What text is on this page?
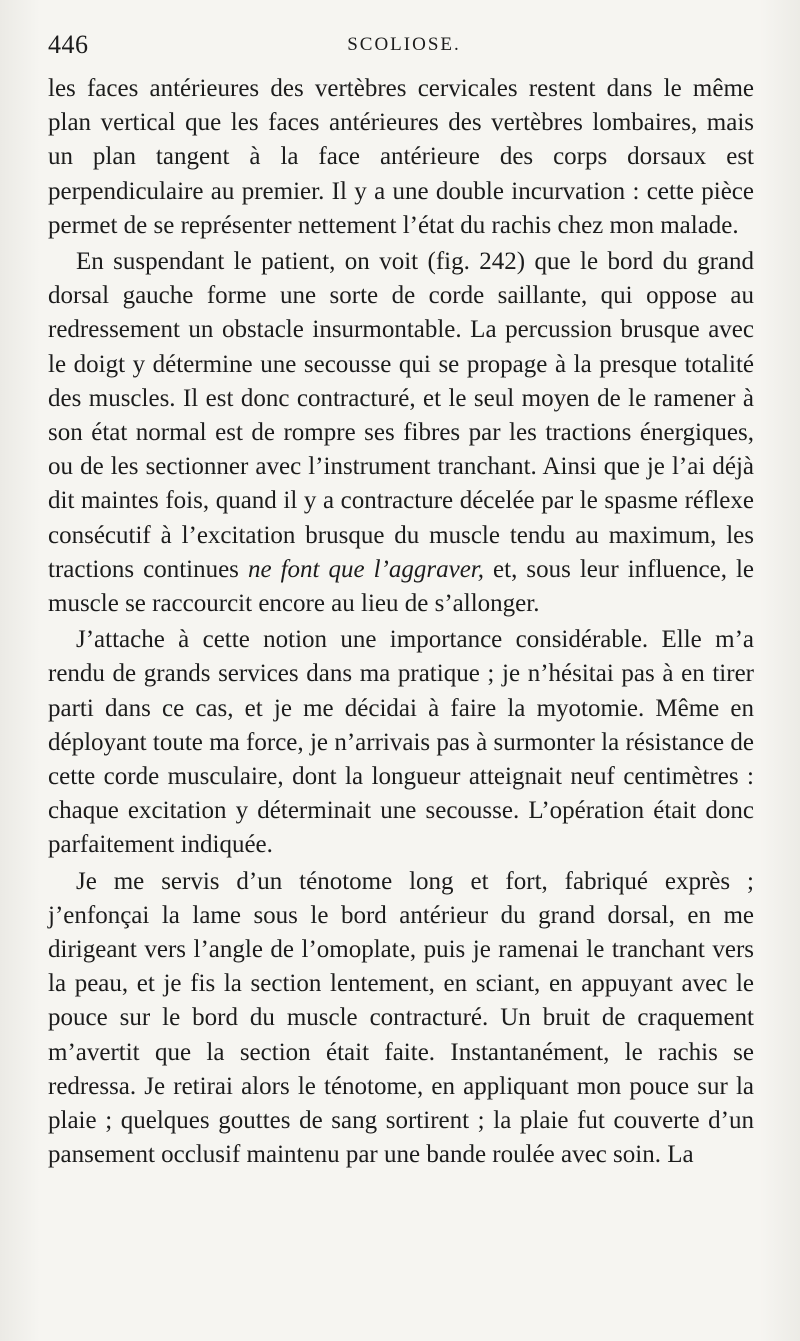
446	SCOLIOSE.

les faces antérieures des vertèbres cervicales restent dans le même plan vertical que les faces antérieures des vertèbres lombaires, mais un plan tangent à la face antérieure des corps dorsaux est perpendiculaire au premier. Il y a une double incurvation : cette pièce permet de se représenter nettement l’état du rachis chez mon malade.

En suspendant le patient, on voit (fig. 242) que le bord du grand dorsal gauche forme une sorte de corde saillante, qui oppose au redressement un obstacle insurmontable. La percussion brusque avec le doigt y détermine une secousse qui se propage à la presque totalité des muscles. Il est donc contracturé, et le seul moyen de le ramener à son état normal est de rompre ses fibres par les tractions énergiques, ou de les sectionner avec l’instrument tranchant. Ainsi que je l’ai déjà dit maintes fois, quand il y a contracture décelée par le spasme réflexe consécutif à l’excitation brusque du muscle tendu au maximum, les tractions continues ne font que l’aggraver, et, sous leur influence, le muscle se raccourcit encore au lieu de s’allonger.

J’attache à cette notion une importance considérable. Elle m’a rendu de grands services dans ma pratique ; je n’hésitai pas à en tirer parti dans ce cas, et je me décidai à faire la myotomie. Même en déployant toute ma force, je n’arrivais pas à surmonter la résistance de cette corde musculaire, dont la longueur atteignait neuf centimètres : chaque excitation y déterminait une secousse. L’opération était donc parfaitement indiquée.

Je me servis d’un ténotome long et fort, fabriqué exprès ; j’enfonçai la lame sous le bord antérieur du grand dorsal, en me dirigeant vers l’angle de l’omoplate, puis je ramenai le tranchant vers la peau, et je fis la section lentement, en sciant, en appuyant avec le pouce sur le bord du muscle contracturé. Un bruit de craquement m’avertit que la section était faite. Instantanément, le rachis se redressa. Je retirai alors le ténotome, en appliquant mon pouce sur la plaie ; quelques gouttes de sang sortirent ; la plaie fut couverte d’un pansement occlusif maintenu par une bande roulée avec soin. La
